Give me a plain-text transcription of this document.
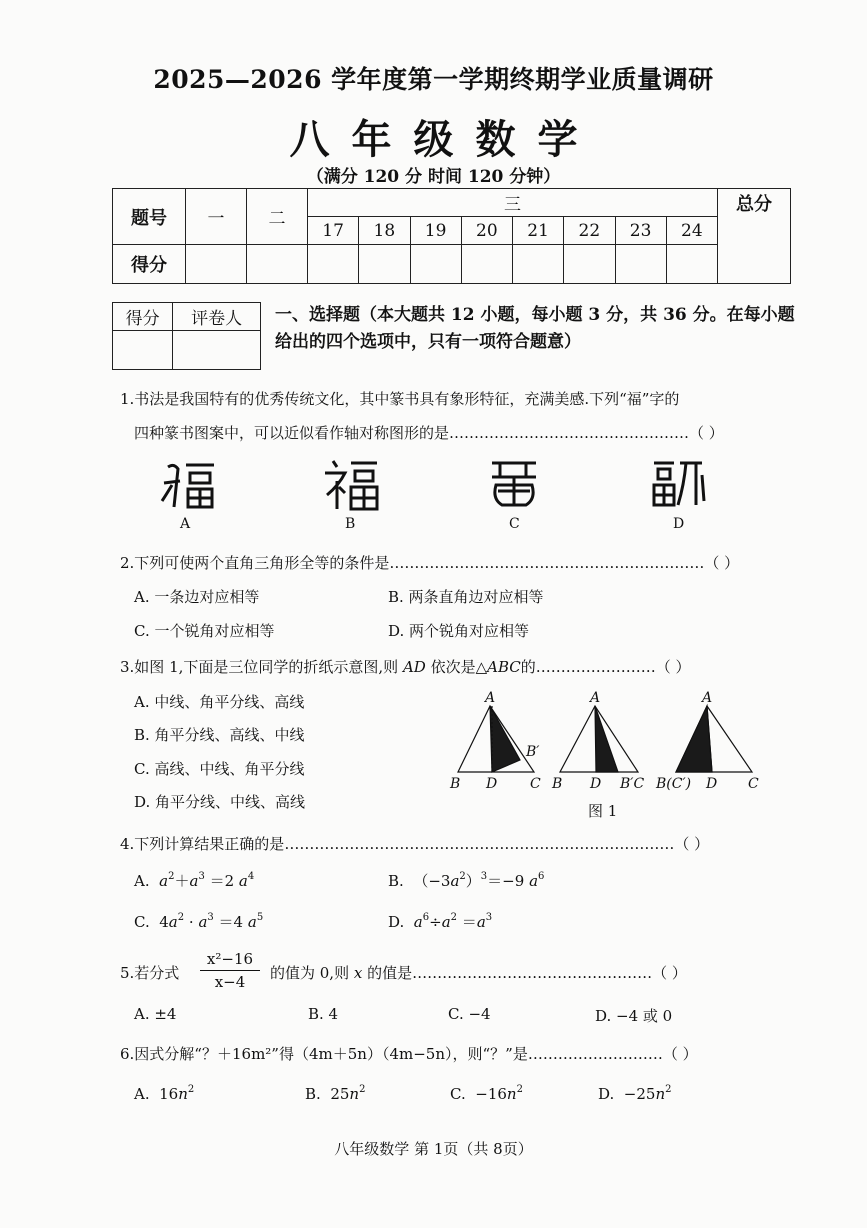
2025—2026 学年度第一学期终期学业质量调研
八年级数学
（满分 120 分 时间 120 分钟）
题号	一	二	三								总分
			17	18	19	20	21	22	23	24	
得分											
得分	评卷人
	一、选择题（本大题共 12 小题，每小题 3 分，共 36 分。在每小题给出的四个选项中，只有一项符合题意）
1.书法是我国特有的优秀传统文化，其中篆书具有象形特征，充满美感.下列“福”字的
四种篆书图案中，可以近似看作轴对称图形的是…………………………………………（ ）
A	B	C	D
2.下列可使两个直角三角形全等的条件是………………………………………………………（ ）
A. 一条边对应相等	B. 两条直角边对应相等
C. 一个锐角对应相等	D. 两个锐角对应相等
3.如图 1,下面是三位同学的折纸示意图,则 AD 依次是△ABC的……………………（ ）
A. 中线、角平分线、高线
B. 角平分线、高线、中线
C. 高线、中线、角平分线
D. 角平分线、中线、高线
A
B D C
B′
A
B D B′C
A
B(C′) D C
图 1
4.下列计算结果正确的是……………………………………………………………………（ ）
A.  $a^2+a^3 =2$ $a^4$	B.  $(-3a^2)^3=-9$ $a^6$
C.  $4a^2 \cdot a^3 =4$ $a^5$	D.  $a^6\div a^2 =a^3$
5.若分式 $\frac{\text{x²−16}}{x-4}$ 的值为 0,则 x 的值是…………………………………………（ ）
A. ±4	B. 4	C. −4	D. −4 或 0
6.因式分解“？＋16m²”得（4m＋5n）（4m−5n），则“？”是………………………（ ）
A.  $16n^2$	B.  $25n^2$	C.  $-16n^2$	D.  $-25n^2$
八年级数学 第 1页（共 8页）
